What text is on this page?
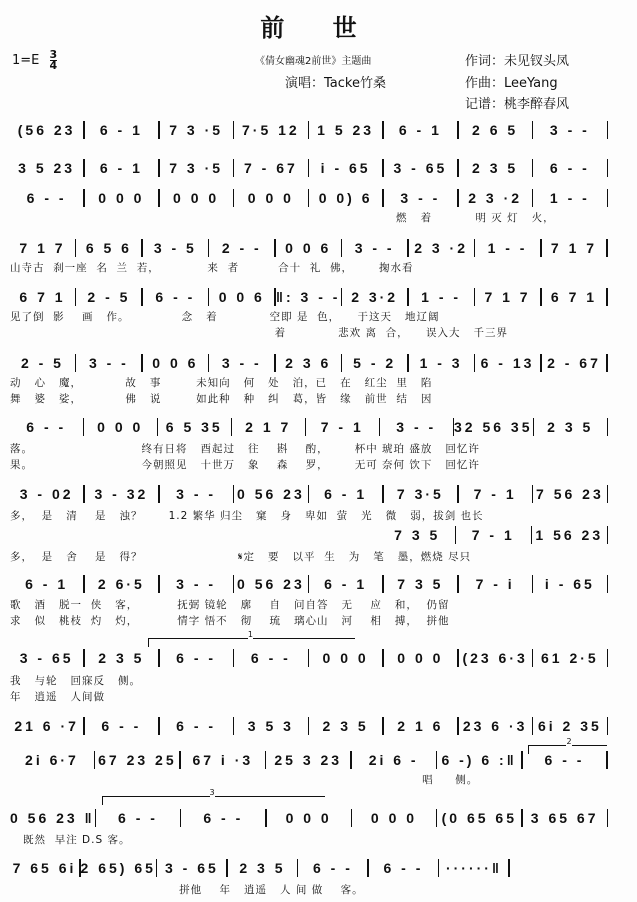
前 世
$1=E \frac{3}{4}$	《倩女幽魂2前世》主题曲
演唱：Tacke竹桑
作词：未见钗头凤
作曲：LeeYang
记谱：桃李醉春风
1
2
3
(56 23	6 - 1	7 3 ·5	7·5 12	1 5 23	6 - 1	2 6 5	3 - -
3 5 23	6 - 1	7 3 ·5	7 - 67	i - 65	3 - 65	2 3 5	6 - -
6 - -	0 0 0	0 0 0	0 0 0	0 0) 6	3 - -	2 3 ·2	1 - -
燃   着          明 灭 灯   火，
7 1 7	6 5 6	3 - 5	2 - -	0 0 6	3 - -	2 3 ·2	1 - -	7 1 7
山寺古  刹一座  名  兰  若，           来  者         合十  礼  佛，      掬水看
6 7 1	2 - 5	6 - -	0 0 6 ‖: 3 - - 2 3·2	1 - -	7 1 7	6 7 1
见了倒  影    画   作。            念   着            空即 是  色，    于这天   地辽阔
着            悲欢 离  合，    误入大   千三界
2 - 5	3 - -	0 0 6	3 - -	2 3 6	5 - 2	1 - 3	6 - 13 2 - 67
动   心   魔，          故   事        未知向   何   处   泊，已   在   红尘  里   陷
舞   婆   娑，          佛   说        如此种   种   纠   葛，皆   缘   前世  结   因
6 - -	0 0 0	6 5 35	2 1 7	7 - 1	3 - -	32 56 35	2 3 5
落。                         终有日将   酉起过   往    斟    酌，      杯中 琥珀 盛放   回忆许
果。                         今朝照见   十世万   象    森    罗，      无可 奈何 饮下   回忆许
3 - 02	3 - 32	3 - -	0 56 23	6 - 1	7 3·5	7 - 1	7 56 23
多，  是   清    是   浊？      1.2 繁华 归尘   窠   身   卑如  萤   光   微   弱，拔剑 也长
7 3 5	7 - 1	1 56 23
多，  是   舍    是   得？                      𝄋定   要   以平  生   为   笔   墨，燃烧 尽只
6 - 1	2 6·5	3 - -	0 56 23	6 - 1	7 3 5	7 - i	i - 65
歌   酒   脱一  侠   客，         抚弼 镜轮   廓    自   问自答   无    应   和，  仍留
求   似   桃枝  灼   灼，         情字 悟不   彻    琉   璃心山   河    相   搏，  拼他
3 - 65	2 3 5	6 - -	6 - -	0 0 0	0 0 0	(23 6·3 61 2·5
我   与轮   回寐反   侧。
年   逍遥   人间做
21 6 ·7	6 - -	6 - -	3 5 3	2 3 5	2 1 6	23 6 ·3 6i 2 35
2i 6·7	67 23 25	67 i ·3	25 3 23	2i 6 -	6 -) 6 :‖	6 - -
唱     侧。
0 56 23 ‖	6 - -	6 - -	0 0 0	0 0 0	(0 65 65 3 65 67
既然  早注 D.S 客。
7 65 6i 2 65) 65 3 - 65	2 3 5	6 - -	6 - -	······‖
拼他    年   逍遥   人 间 做    客。
